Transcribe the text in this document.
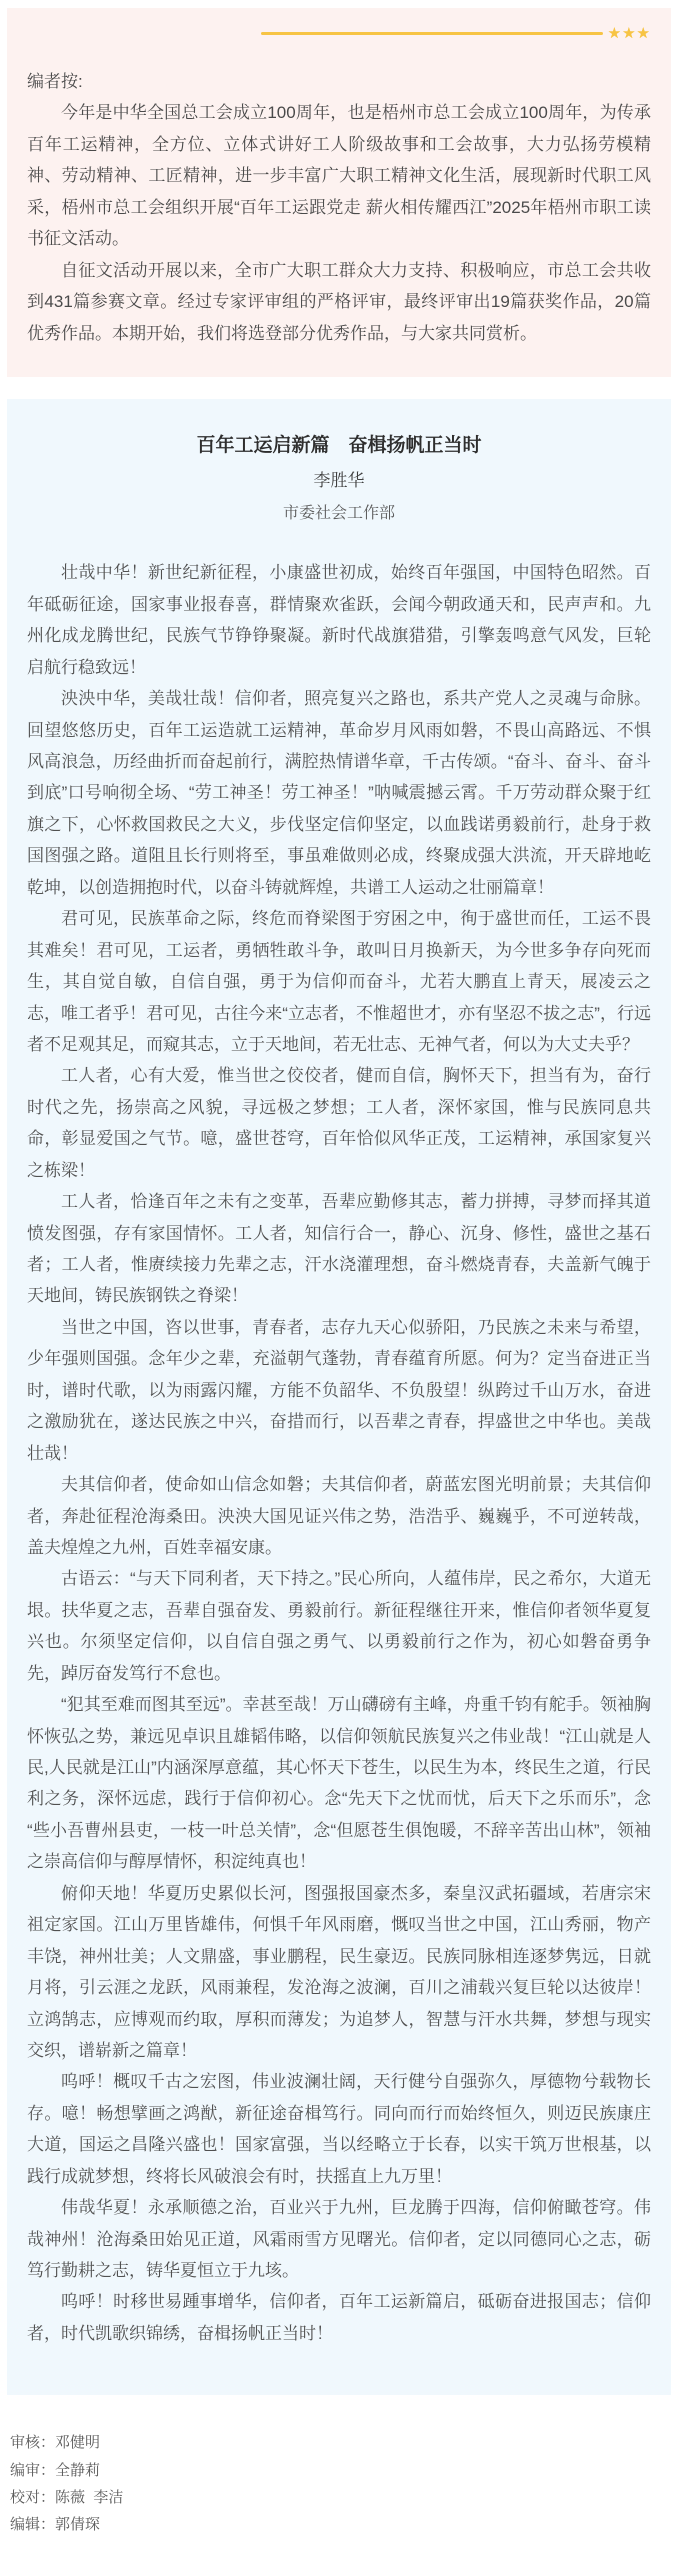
★★★
编者按:

今年是中华全国总工会成立100周年，也是梧州市总工会成立100周年，为传承百年工运精神，全方位、立体式讲好工人阶级故事和工会故事，大力弘扬劳模精神、劳动精神、工匠精神，进一步丰富广大职工精神文化生活，展现新时代职工风采，梧州市总工会组织开展“百年工运跟党走 薪火相传耀西江”2025年梧州市职工读书征文活动。

自征文活动开展以来，全市广大职工群众大力支持、积极响应，市总工会共收到431篇参赛文章。经过专家评审组的严格评审，最终评审出19篇获奖作品，20篇优秀作品。本期开始，我们将选登部分优秀作品，与大家共同赏析。

百年工运启新篇　奋楫扬帆正当时
李胜华
市委社会工作部

壮哉中华！新世纪新征程，小康盛世初成，始终百年强国，中国特色昭然。百年砥砺征途，国家事业报春喜，群情聚欢雀跃，会闻今朝政通天和，民声声和。九州化成龙腾世纪，民族气节铮铮聚凝。新时代战旗猎猎，引擎轰鸣意气风发，巨轮启航行稳致远！

泱泱中华，美哉壮哉！信仰者，照亮复兴之路也，系共产党人之灵魂与命脉。回望悠悠历史，百年工运造就工运精神，革命岁月风雨如磐，不畏山高路远、不惧风高浪急，历经曲折而奋起前行，满腔热情谱华章，千古传颂。“奋斗、奋斗、奋斗到底”口号响彻全场、“劳工神圣！劳工神圣！”呐喊震撼云霄。千万劳动群众聚于红旗之下，心怀救国救民之大义，步伐坚定信仰坚定，以血践诺勇毅前行，赴身于救国图强之路。道阻且长行则将至，事虽难做则必成，终聚成强大洪流，开天辟地屹乾坤，以创造拥抱时代，以奋斗铸就辉煌，共谱工人运动之壮丽篇章！

君可见，民族革命之际，终危而脊梁图于穷困之中，徇于盛世而任，工运不畏其难矣！君可见，工运者，勇牺牲敢斗争，敢叫日月换新天，为今世多争存向死而生，其自觉自敏，自信自强，勇于为信仰而奋斗，尤若大鹏直上青天，展凌云之志，唯工者乎！君可见，古往今来“立志者，不惟超世才，亦有坚忍不拔之志”，行远者不足观其足，而窥其志，立于天地间，若无壮志、无神气者，何以为大丈夫乎？

工人者，心有大爱，惟当世之佼佼者，健而自信，胸怀天下，担当有为，奋行时代之先，扬崇高之风貌，寻远极之梦想；工人者，深怀家国，惟与民族同息共命，彰显爱国之气节。噫，盛世苍穹，百年恰似风华正茂，工运精神，承国家复兴之栋梁！

工人者，恰逢百年之未有之变革，吾辈应勤修其志，蓄力拼搏，寻梦而择其道愤发图强，存有家国情怀。工人者，知信行合一，静心、沉身、修性，盛世之基石者；工人者，惟赓续接力先辈之志，汗水浇灌理想，奋斗燃烧青春，夫盖新气魄于天地间，铸民族钢铁之脊梁！

当世之中国，咨以世事，青春者，志存九天心似骄阳，乃民族之未来与希望，少年强则国强。念年少之辈，充溢朝气蓬勃，青春蕴育所愿。何为？定当奋进正当时，谱时代歌，以为雨露闪耀，方能不负韶华、不负殷望！纵跨过千山万水，奋进之激励犹在，遂达民族之中兴，奋措而行，以吾辈之青春，捍盛世之中华也。美哉壮哉！

夫其信仰者，使命如山信念如磐；夫其信仰者，蔚蓝宏图光明前景；夫其信仰者，奔赴征程沧海桑田。泱泱大国见证兴伟之势，浩浩乎、巍巍乎，不可逆转哉，盖夫煌煌之九州，百姓幸福安康。

古语云：“与天下同利者，天下持之。”民心所向，人蕴伟岸，民之希尔，大道无垠。扶华夏之志，吾辈自强奋发、勇毅前行。新征程继往开来，惟信仰者领华夏复兴也。尔须坚定信仰，以自信自强之勇气、以勇毅前行之作为，初心如磐奋勇争先，踔厉奋发笃行不怠也。

“犯其至难而图其至远”。幸甚至哉！万山礴磅有主峰，舟重千钧有舵手。领袖胸怀恢弘之势，兼远见卓识且雄韬伟略，以信仰领航民族复兴之伟业哉！“江山就是人民,人民就是江山”内涵深厚意蕴，其心怀天下苍生，以民生为本，终民生之道，行民利之务，深怀远虑，践行于信仰初心。念“先天下之忧而忧，后天下之乐而乐”，念“些小吾曹州县吏，一枝一叶总关情”，念“但愿苍生俱饱暖，不辞辛苦出山林”，领袖之崇高信仰与醇厚情怀，积淀纯真也！

俯仰天地！华夏历史累似长河，图强报国豪杰多，秦皇汉武拓疆域，若唐宗宋祖定家国。江山万里皆雄伟，何惧千年风雨磨，慨叹当世之中国，江山秀丽，物产丰饶，神州壮美；人文鼎盛，事业鹏程，民生豪迈。民族同脉相连逐梦隽远，日就月将，引云涯之龙跃，风雨兼程，发沧海之波澜，百川之浦载兴复巨轮以达彼岸！立鸿鹄志，应博观而约取，厚积而薄发；为追梦人，智慧与汗水共舞，梦想与现实交织，谱崭新之篇章！

呜呼！概叹千古之宏图，伟业波澜壮阔，天行健兮自强弥久，厚德物兮载物长存。噫！畅想擘画之鸿猷，新征途奋楫笃行。同向而行而始终恒久，则迈民族康庄大道，国运之昌隆兴盛也！国家富强，当以经略立于长春，以实干筑万世根基，以践行成就梦想，终将长风破浪会有时，扶摇直上九万里！

伟哉华夏！永承顺德之治，百业兴于九州，巨龙腾于四海，信仰俯瞰苍穹。伟哉神州！沧海桑田始见正道，风霜雨雪方见曙光。信仰者，定以同德同心之志，砺笃行勤耕之志，铸华夏恒立于九垓。

呜呼！时移世易踵事增华，信仰者，百年工运新篇启，砥砺奋进报国志；信仰者，时代凯歌织锦绣，奋楫扬帆正当时！

审核：邓健明
编审：全静莉
校对：陈薇  李洁
编辑：郭倩琛
